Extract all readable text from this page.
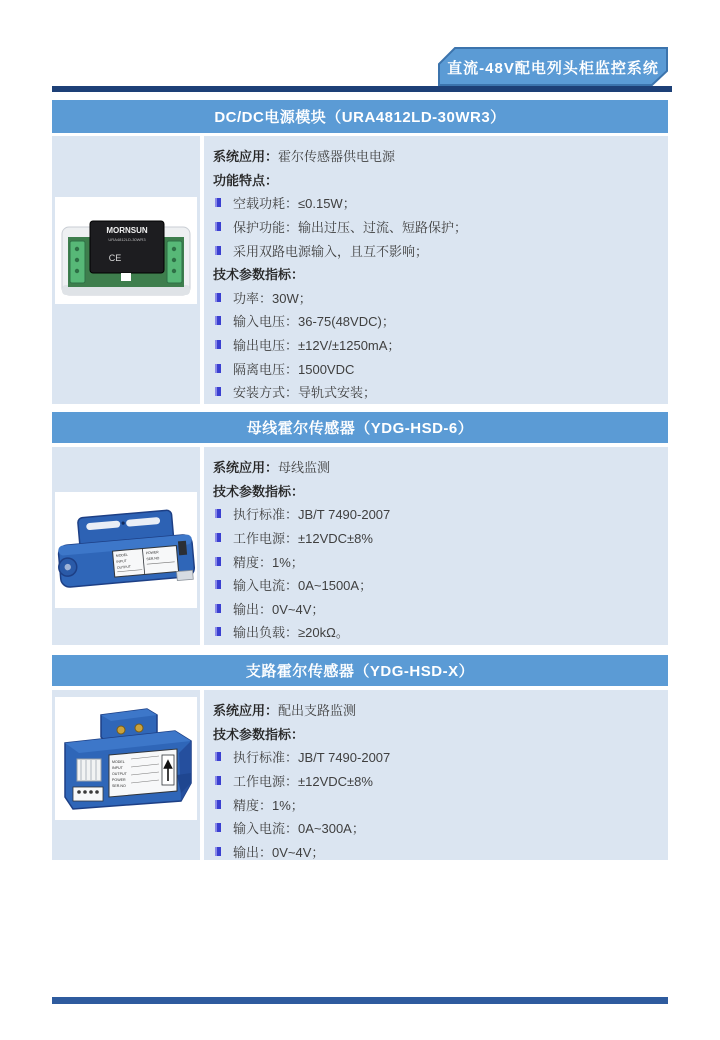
直流-48V配电列头柜监控系统
DC/DC电源模块（URA4812LD-30WR3）
MORNSUN
URA4812LD-30WR3
CE
系统应用： 霍尔传感器供电电源
功能特点：
空载功耗：≤0.15W；
保护功能：输出过压、过流、短路保护；
采用双路电源输入，且互不影响；
技术参数指标：
功率：30W；
输入电压：36-75(48VDC)；
输出电压：±12V/±1250mA；
隔离电压：1500VDC
安装方式：导轨式安装；
母线霍尔传感器（YDG-HSD-6）
MODEL
INPUT
OUTPUT
POWER
SER.NO
系统应用： 母线监测
技术参数指标：
执行标准：JB/T 7490-2007
工作电源：±12VDC±8%
精度：1%；
输入电流：0A~1500A；
输出：0V~4V；
输出负载：≥20kΩ。
支路霍尔传感器（YDG-HSD-X）
MODEL
INPUT
OUTPUT
POWER
SER.NO
系统应用： 配出支路监测
技术参数指标：
执行标准：JB/T 7490-2007
工作电源：±12VDC±8%
精度：1%；
输入电流：0A~300A；
输出：0V~4V；
